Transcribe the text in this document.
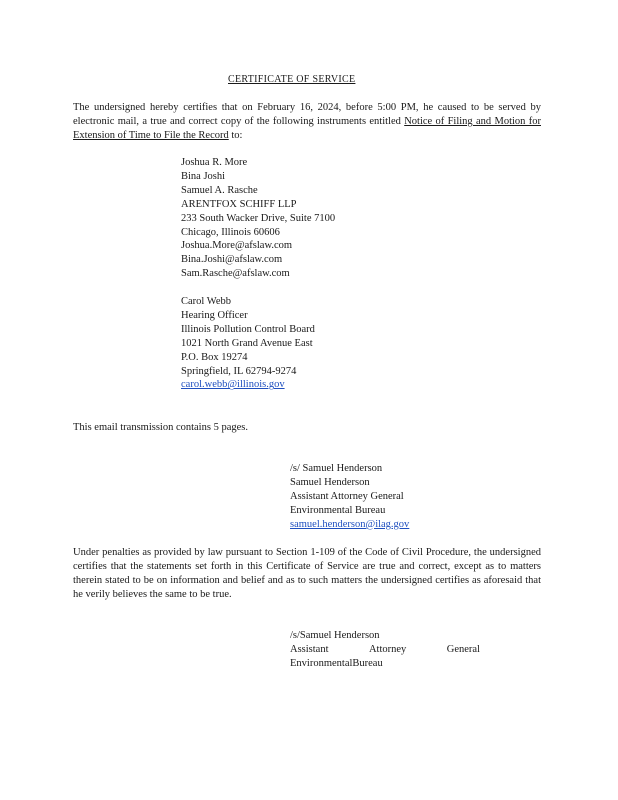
CERTIFICATE OF SERVICE
The undersigned hereby certifies that on February 16, 2024, before 5:00 PM, he caused to be served by electronic mail, a true and correct copy of the following instruments entitled Notice of Filing and Motion for Extension of Time to File the Record to:
Joshua R. More
Bina Joshi
Samuel A. Rasche
ARENTFOX SCHIFF LLP
233 South Wacker Drive, Suite 7100
Chicago, Illinois 60606
Joshua.More@afslaw.com
Bina.Joshi@afslaw.com
Sam.Rasche@afslaw.com
Carol Webb
Hearing Officer
Illinois Pollution Control Board
1021 North Grand Avenue East
P.O. Box 19274
Springfield, IL 62794-9274
carol.webb@illinois.gov
This email transmission contains 5 pages.
/s/ Samuel Henderson
Samuel Henderson
Assistant Attorney General
Environmental Bureau
samuel.henderson@ilag.gov
Under penalties as provided by law pursuant to Section 1-109 of the Code of Civil Procedure, the undersigned certifies that the statements set forth in this Certificate of Service are true and correct, except as to matters therein stated to be on information and belief and as to such matters the undersigned certifies as aforesaid that he verily believes the same to be true.
/s/Samuel Henderson
Assistant	Attorney	General
EnvironmentalBureau
